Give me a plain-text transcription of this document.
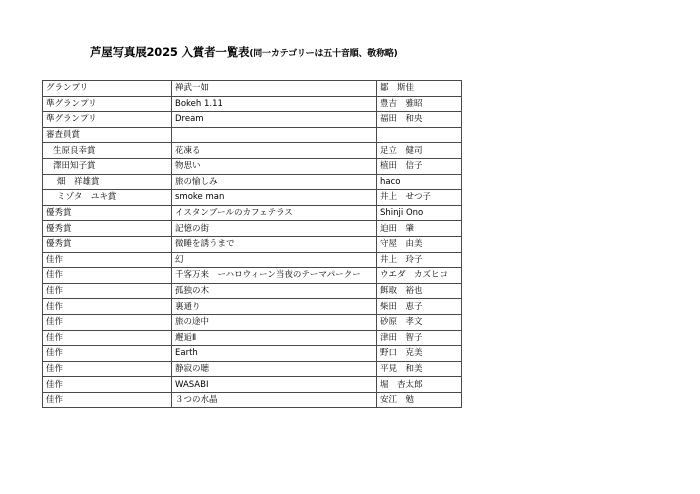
芦屋写真展2025 入賞者一覧表(同一カテゴリーは五十音順、敬称略)
グランプリ	禅武一如	鄒　斯佳
準グランプリ	Bokeh 1.11	豊吉　雅昭
準グランプリ	Dream	福田　和央
審査員賞		
生原良幸賞	花凍る	足立　健司
澤田知子賞	物思い	植田　信子
畑　祥雄賞	旅の愉しみ	haco
ミゾタ　ユキ賞	smoke man	井上　せつ子
優秀賞	イスタンブールのカフェテラス	Shinji Ono
優秀賞	記憶の街	迫田　肇
優秀賞	微睡を誘うまで	守屋　由美
佳作	幻	井上　玲子
佳作	千客万来　ーハロウィーン当夜のテーマパークー	ウエダ　カズヒコ
佳作	孤独の木	餌取　裕也
佳作	裏通り	柴田　恵子
佳作	旅の途中	砂原　孝文
佳作	邂逅Ⅱ	津田　智子
佳作	Earth	野口　克美
佳作	静寂の聴	平見　和美
佳作	WASABI	堀　杏太郎
佳作	３つの水晶	安江　勉
